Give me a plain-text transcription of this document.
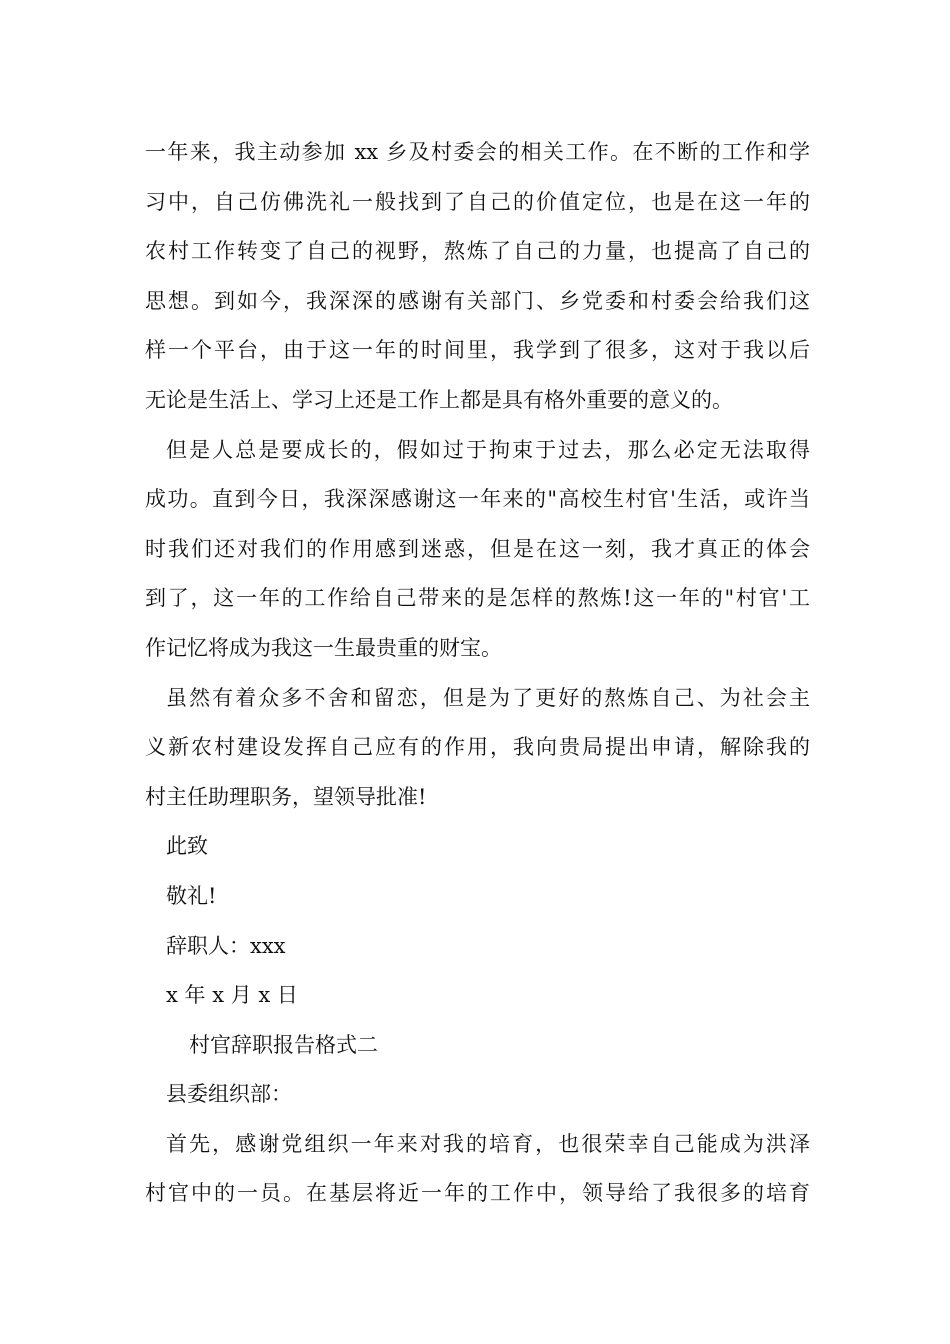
一年来，我主动参加 xx 乡及村委会的相关工作。在不断的工作和学
习中，自己仿佛洗礼一般找到了自己的价值定位，也是在这一年的
农村工作转变了自己的视野，熬炼了自己的力量，也提高了自己的
思想。到如今，我深深的感谢有关部门、乡党委和村委会给我们这
样一个平台，由于这一年的时间里，我学到了很多，这对于我以后
无论是生活上、学习上还是工作上都是具有格外重要的意义的。
但是人总是要成长的，假如过于拘束于过去，那么必定无法取得
成功。直到今日，我深深感谢这一年来的"高校生村官'生活，或许当
时我们还对我们的作用感到迷惑，但是在这一刻，我才真正的体会
到了，这一年的工作给自己带来的是怎样的熬炼!这一年的"村官'工
作记忆将成为我这一生最贵重的财宝。
虽然有着众多不舍和留恋，但是为了更好的熬炼自己、为社会主
义新农村建设发挥自己应有的作用，我向贵局提出申请，解除我的
村主任助理职务，望领导批准!
此致
敬礼!
辞职人：xxx
x 年 x 月 x 日
村官辞职报告格式二
县委组织部：
首先，感谢党组织一年来对我的培育，也很荣幸自己能成为洪泽
村官中的一员。在基层将近一年的工作中，领导给了我很多的培育
